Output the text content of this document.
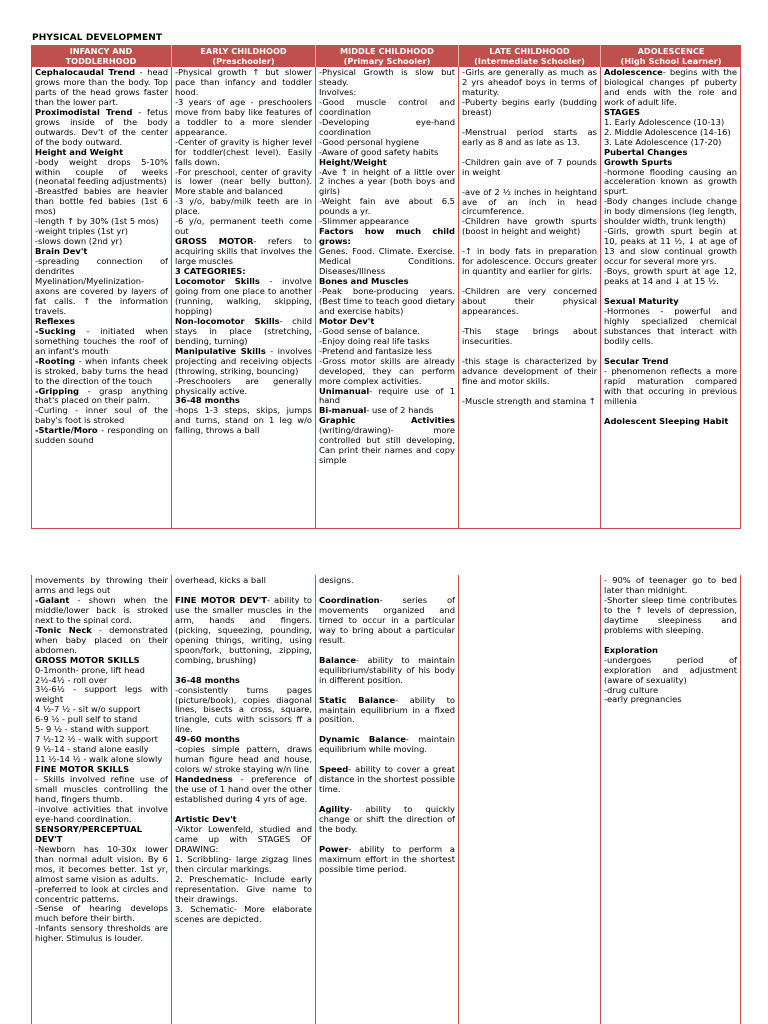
PHYSICAL DEVELOPMENT
INFANCY AND
TODDLERHOOD
EARLY CHILDHOOD
(Preschooler)
MIDDLE CHILDHOOD
(Primary Schooler)
LATE CHILDHOOD
(Intermediate Schooler)
ADOLESCENCE
(High School Learner)

Cephalocaudal Trend - head grows more than the body. Top parts of the head grows faster than the lower part.

Proximodistal Trend - fetus grows inside of the body outwards. Dev't of the center of the body outward.

Height and Weight

-body weight drops 5-10% within couple of weeks (neonatal feeding adjustments)

-Breastfed babies are heavier than bottle fed babies (1st 6 mos)

-length ↑ by 30% (1st 5 mos)

-weight triples (1st yr)

-slows down (2nd yr)

Brain Dev't

-spreading connection of dendrites

Myelination/Myelinization- axons are covered by layers of fat calls. ↑ the information travels.

Reflexes

-Sucking - initiated when something touches the roof of an infant's mouth

-Rooting - when infants cheek is stroked, baby turns the head to the direction of the touch

-Gripping - grasp anything that's placed on their palm.

-Curling - inner soul of the baby's foot is stroked

-Startle/Moro - responding on sudden sound

-Physical growth ↑ but slower pace than infancy and toddler hood.

-3 years of age - preschoolers move from baby like features of a toddler to a more slender appearance.

-Center of gravity is higher level for toddler(chest level). Easily falls down.

-For preschool, center of gravity is lower (near belly button). More stable and balanced

-3 y/o, baby/milk teeth are in place.

-6 y/o, permanent teeth come out

GROSS MOTOR- refers to acquiring skills that involves the large muscles

3 CATEGORIES:

Locomotor Skills - involve going from one place to another (running, walking, skipping, hopping)

Non-locomotor Skills- child stays in place (stretching, bending, turning)

Manipulative Skills - involves projecting and receiving objects (throwing, striking, bouncing)

-Preschoolers are generally physically active.

36-48 months

-hops 1-3 steps, skips, jumps and turns, stand on 1 leg w/o falling, throws a ball

-Physical Growth is slow but steady.

Involves:

-Good muscle control and coordination

-Developing eye-hand coordination

-Good personal hygiene

-Aware of good safety habits

Height/Weight

-Ave ↑ in height of a little over 2 inches a year (both boys and girls)

-Weight fain ave about 6.5 pounds a yr.

-Slimmer appearance

Factors how much child grows:

Genes. Food. Climate. Exercise. Medical Conditions. Diseases/Illness

Bones and Muscles

-Peak bone-producing years. (Best time to teach good dietary and exercise habits)

Motor Dev't

-Good sense of balance.

-Enjoy doing real life tasks

-Pretend and fantasize less

-Gross motor skills are already developed, they can perform more complex activities.

Unimanual- require use of 1 hand

Bi-manual- use of 2 hands

Graphic Activities (writing/drawing)- more controlled but still developing, Can print their names and copy simple

-Girls are generally as much as 2 yrs aheadof boys in terms of maturity.

-Puberty begins early (budding breast)

-Menstrual period starts as early as 8 and as late as 13.

-Children gain ave of 7 pounds in weight

-ave of 2 ½ inches in heightand ave of an inch in head circumference.

-Children have growth spurts (boost in height and weight)

-↑ in body fats in preparation for adolescence. Occurs greater in quantity and earlier for girls.

-Children are very concerned about their physical appearances.

-This stage brings about insecurities.

-this stage is characterized by advance development of their fine and motor skills.

-Muscle strength and stamina ↑

Adolescence- begins with the biological changes pf puberty and ends with the role and work of adult life.

STAGES

1. Early Adolescence (10-13)

2. Middle Adolescence (14-16)

3. Late Adolescence (17-20)

Pubertal Changes

Growth Spurts

-hormone flooding causing an acceleration known as growth spurt.

-Body changes include change in body dimensions (leg length, shoulder width, trunk length)

-Girls, growth spurt begin at 10, peaks at 11 ½, ↓ at age of 13 and slow continual growth occur for several more yrs.

-Boys, growth spurt at age 12, peaks at 14 and ↓ at 15 ½.

Sexual Maturity

-Hormones - powerful and highly specialized chemical substances that interact with bodily cells.

Secular Trend

- phenomenon reflects a more rapid maturation compared with that occuring in previous millenia

Adolescent Sleeping Habit

movements by throwing their arms and legs out

-Galant - shown when the middle/lower back is stroked next to the spinal cord.

-Tonic Neck - demonstrated when baby placed on their abdomen.

GROSS MOTOR SKILLS

0-1month- prone, lift head

2½-4½ - roll over

3½-6½ - support legs with weight

4 ½-7 ½ - sit w/o support

6-9 ½ - pull self to stand

5- 9 ½ - stand with support

7 ½-12 ½ - walk with support

9 ½-14 - stand alone easily

11 ½-14 ½ - walk alone slowly

FINE MOTOR SKILLS

- Skills involved refine use of small muscles controlling the hand, fingers thumb.

-involve activities that involve eye-hand coordination.

SENSORY/PERCEPTUAL DEV'T

-Newborn has 10-30x lower than normal adult vision. By 6 mos, it becomes better. 1st yr, almost same vision as adults.

-preferred to look at circles and concentric patterns.

-Sense of hearing develops much before their birth.

-Infants sensory thresholds are higher. Stimulus is louder.

overhead, kicks a ball

FINE MOTOR DEV'T- ability to use the smaller muscles in the arm, hands and fingers. (picking, squeezing, pounding, opening things, writing, using spoon/fork, buttoning, zipping, combing, brushing)

36-48 months

-consistently turns pages (picture/book), copies diagonal lines, bisects a cross, square, triangle, cuts with scissors ff a line.

49-60 months

-copies simple pattern, draws human figure head and house, colors w/ stroke staying w/n line

Handedness - preference of the use of 1 hand over the other established during 4 yrs of age.

Artistic Dev't

-Viktor Lowenfeld, studied and came up with STAGES OF DRAWING:

1. Scribbling- large zigzag lines then circular markings.

2. Preschematic- Include early representation. Give name to their drawings.

3. Schematic- More elaborate scenes are depicted.

designs.

Coordination- series of movements organized and timed to occur in a particular way to bring about a particular result.

Balance- ability to maintain equilibrium/stability of his body in different position.

Static Balance- ability to maintain equilibrium in a fixed position.

Dynamic Balance- maintain equilibrium while moving.

Speed- ability to cover a great distance in the shortest possible time.

Agility- ability to quickly change or shift the direction of the body.

Power- ability to perform a maximum effort in the shortest possible time period.

- 90% of teenager go to bed later than midnight.

-Shorter sleep time contributes to the ↑ levels of depression, daytime sleepiness and problems with sleeping.

Exploration

-undergoes period of exploration and adjustment (aware of sexuality)

-drug culture

-early pregnancies
